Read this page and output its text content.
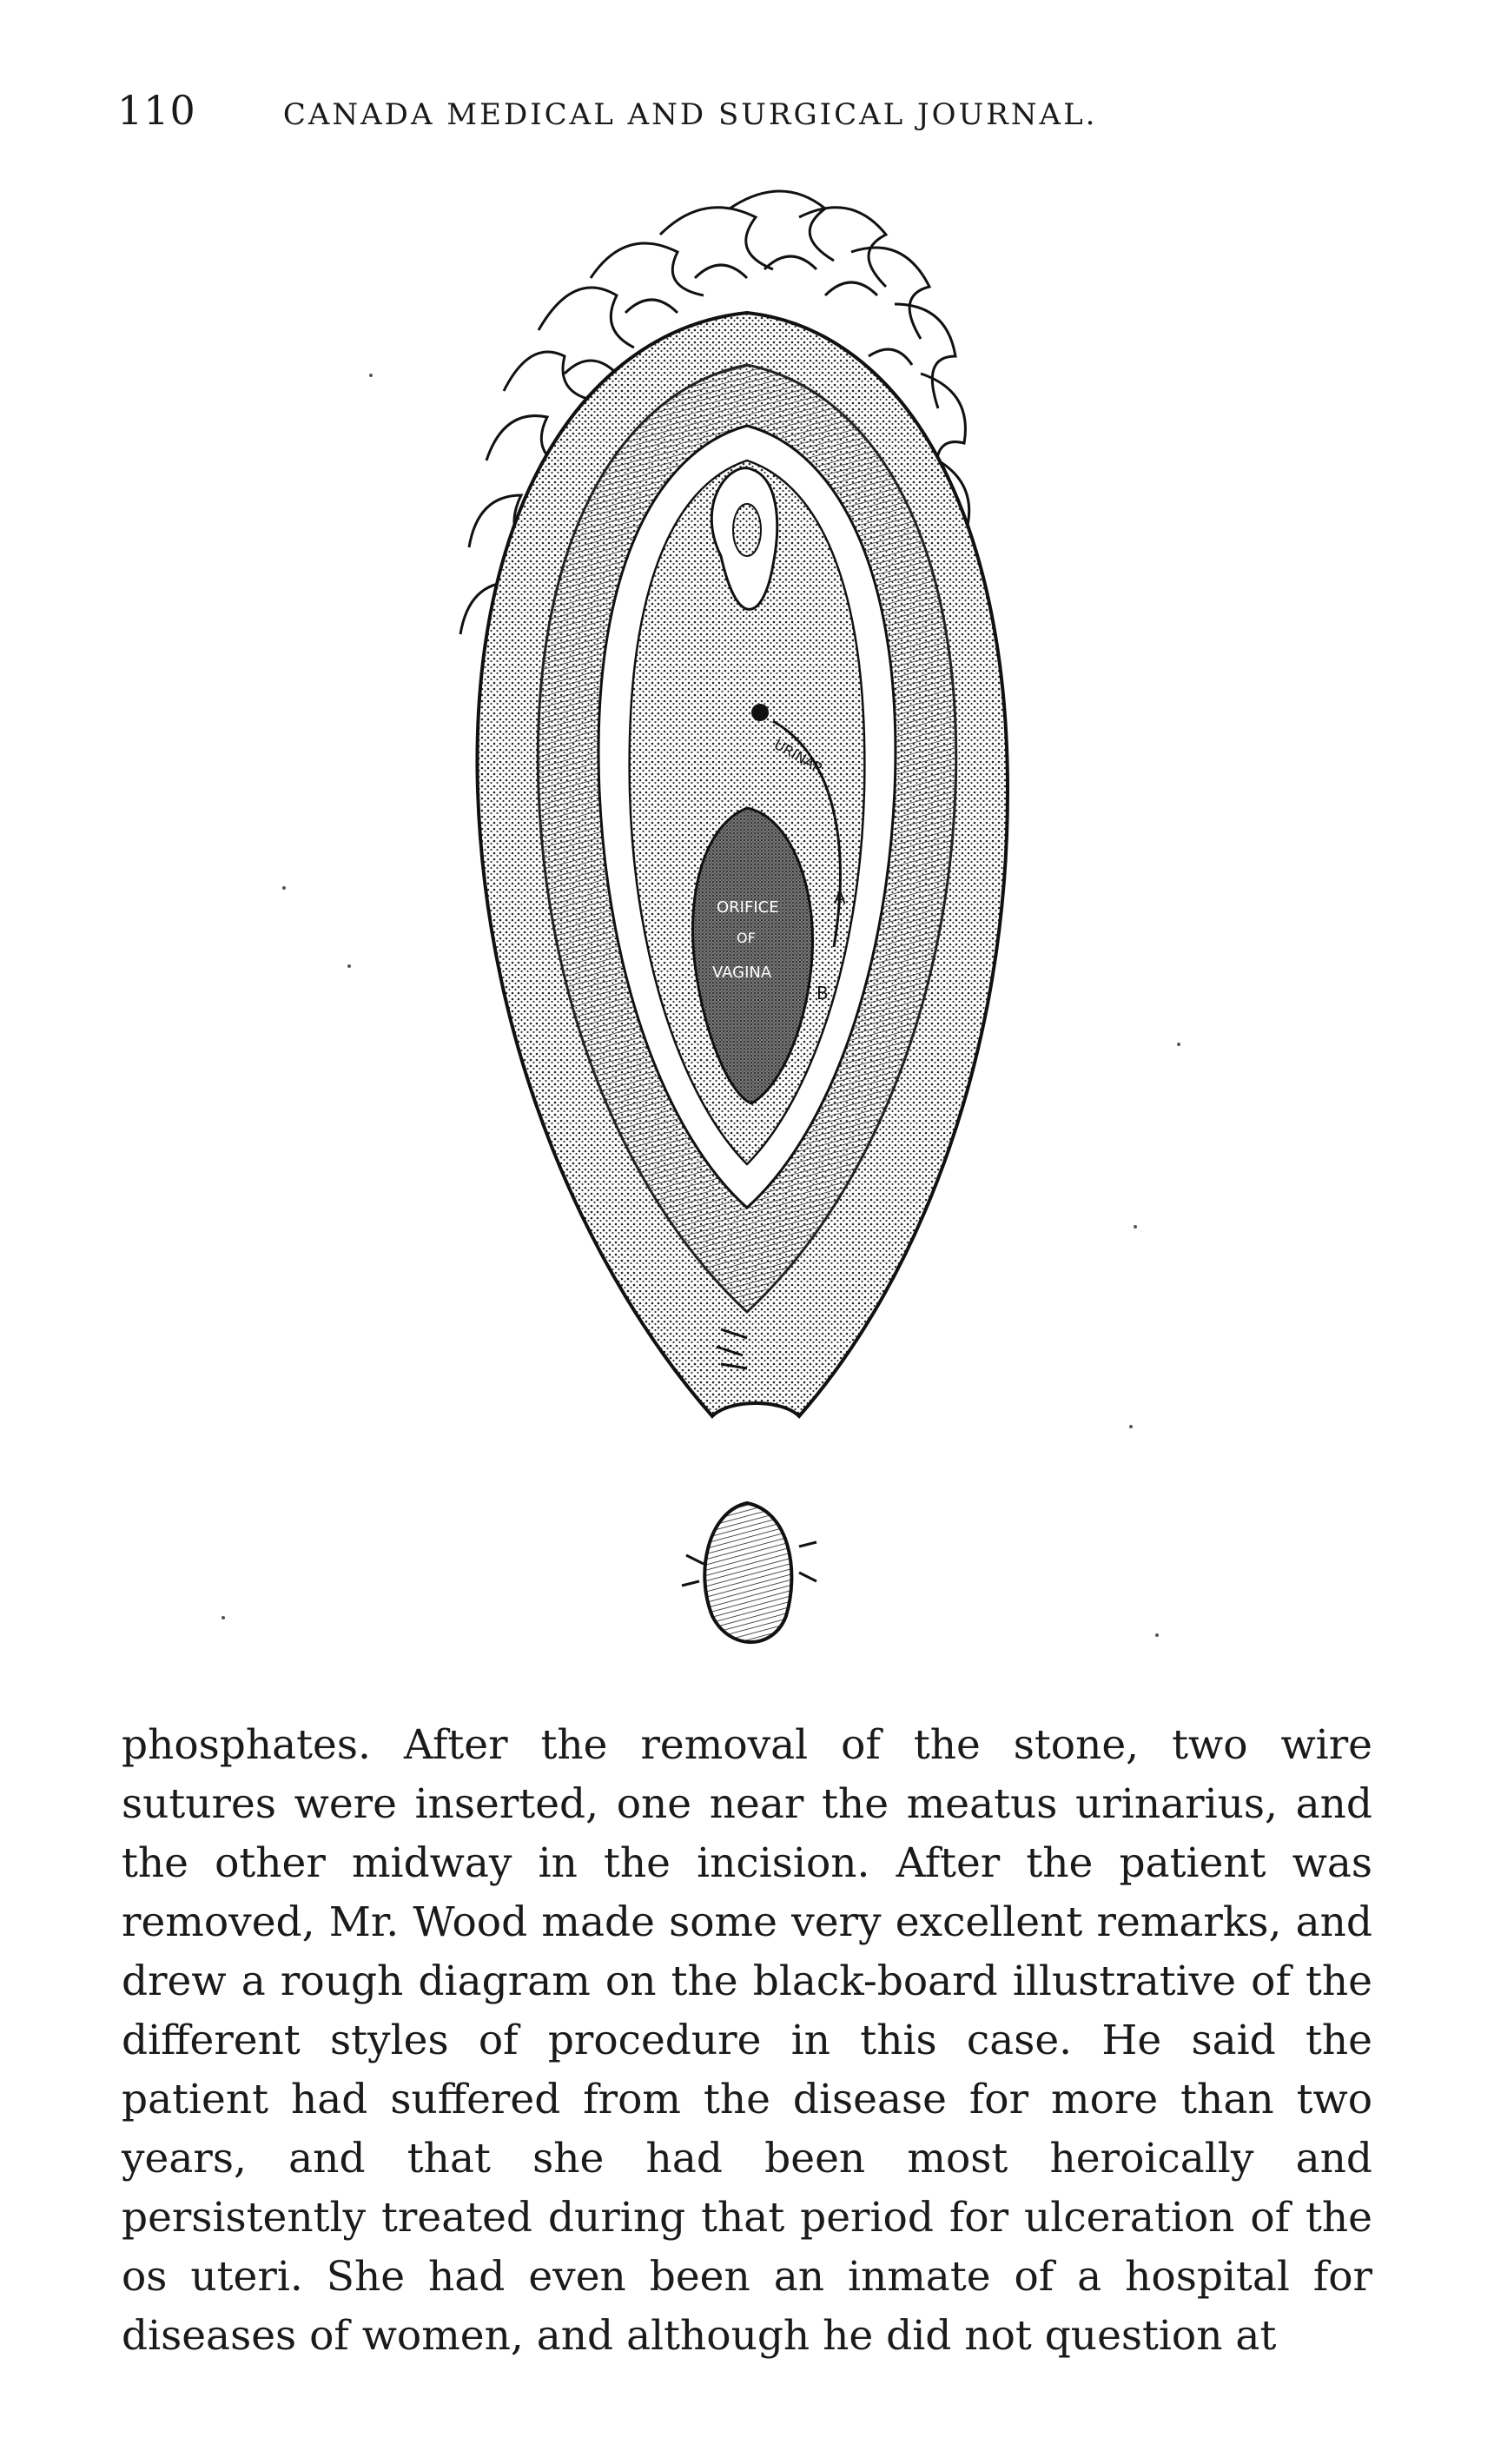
110	CANADA MEDICAL AND SURGICAL JOURNAL.
URINAR
ORIFICE
OF
VAGINA
A
B

phosphates. After the removal of the stone, two wire sutures were inserted, one near the meatus urinarius, and the other midway in the incision. After the patient was removed, Mr. Wood made some very excellent remarks, and drew a rough diagram on the black-board illustrative of the different styles of procedure in this case. He said the patient had suffered from the disease for more than two years, and that she had been most heroically and persistently treated during that period for ulceration of the os uteri. She had even been an inmate of a hospital for diseases of women, and although he did not question at
